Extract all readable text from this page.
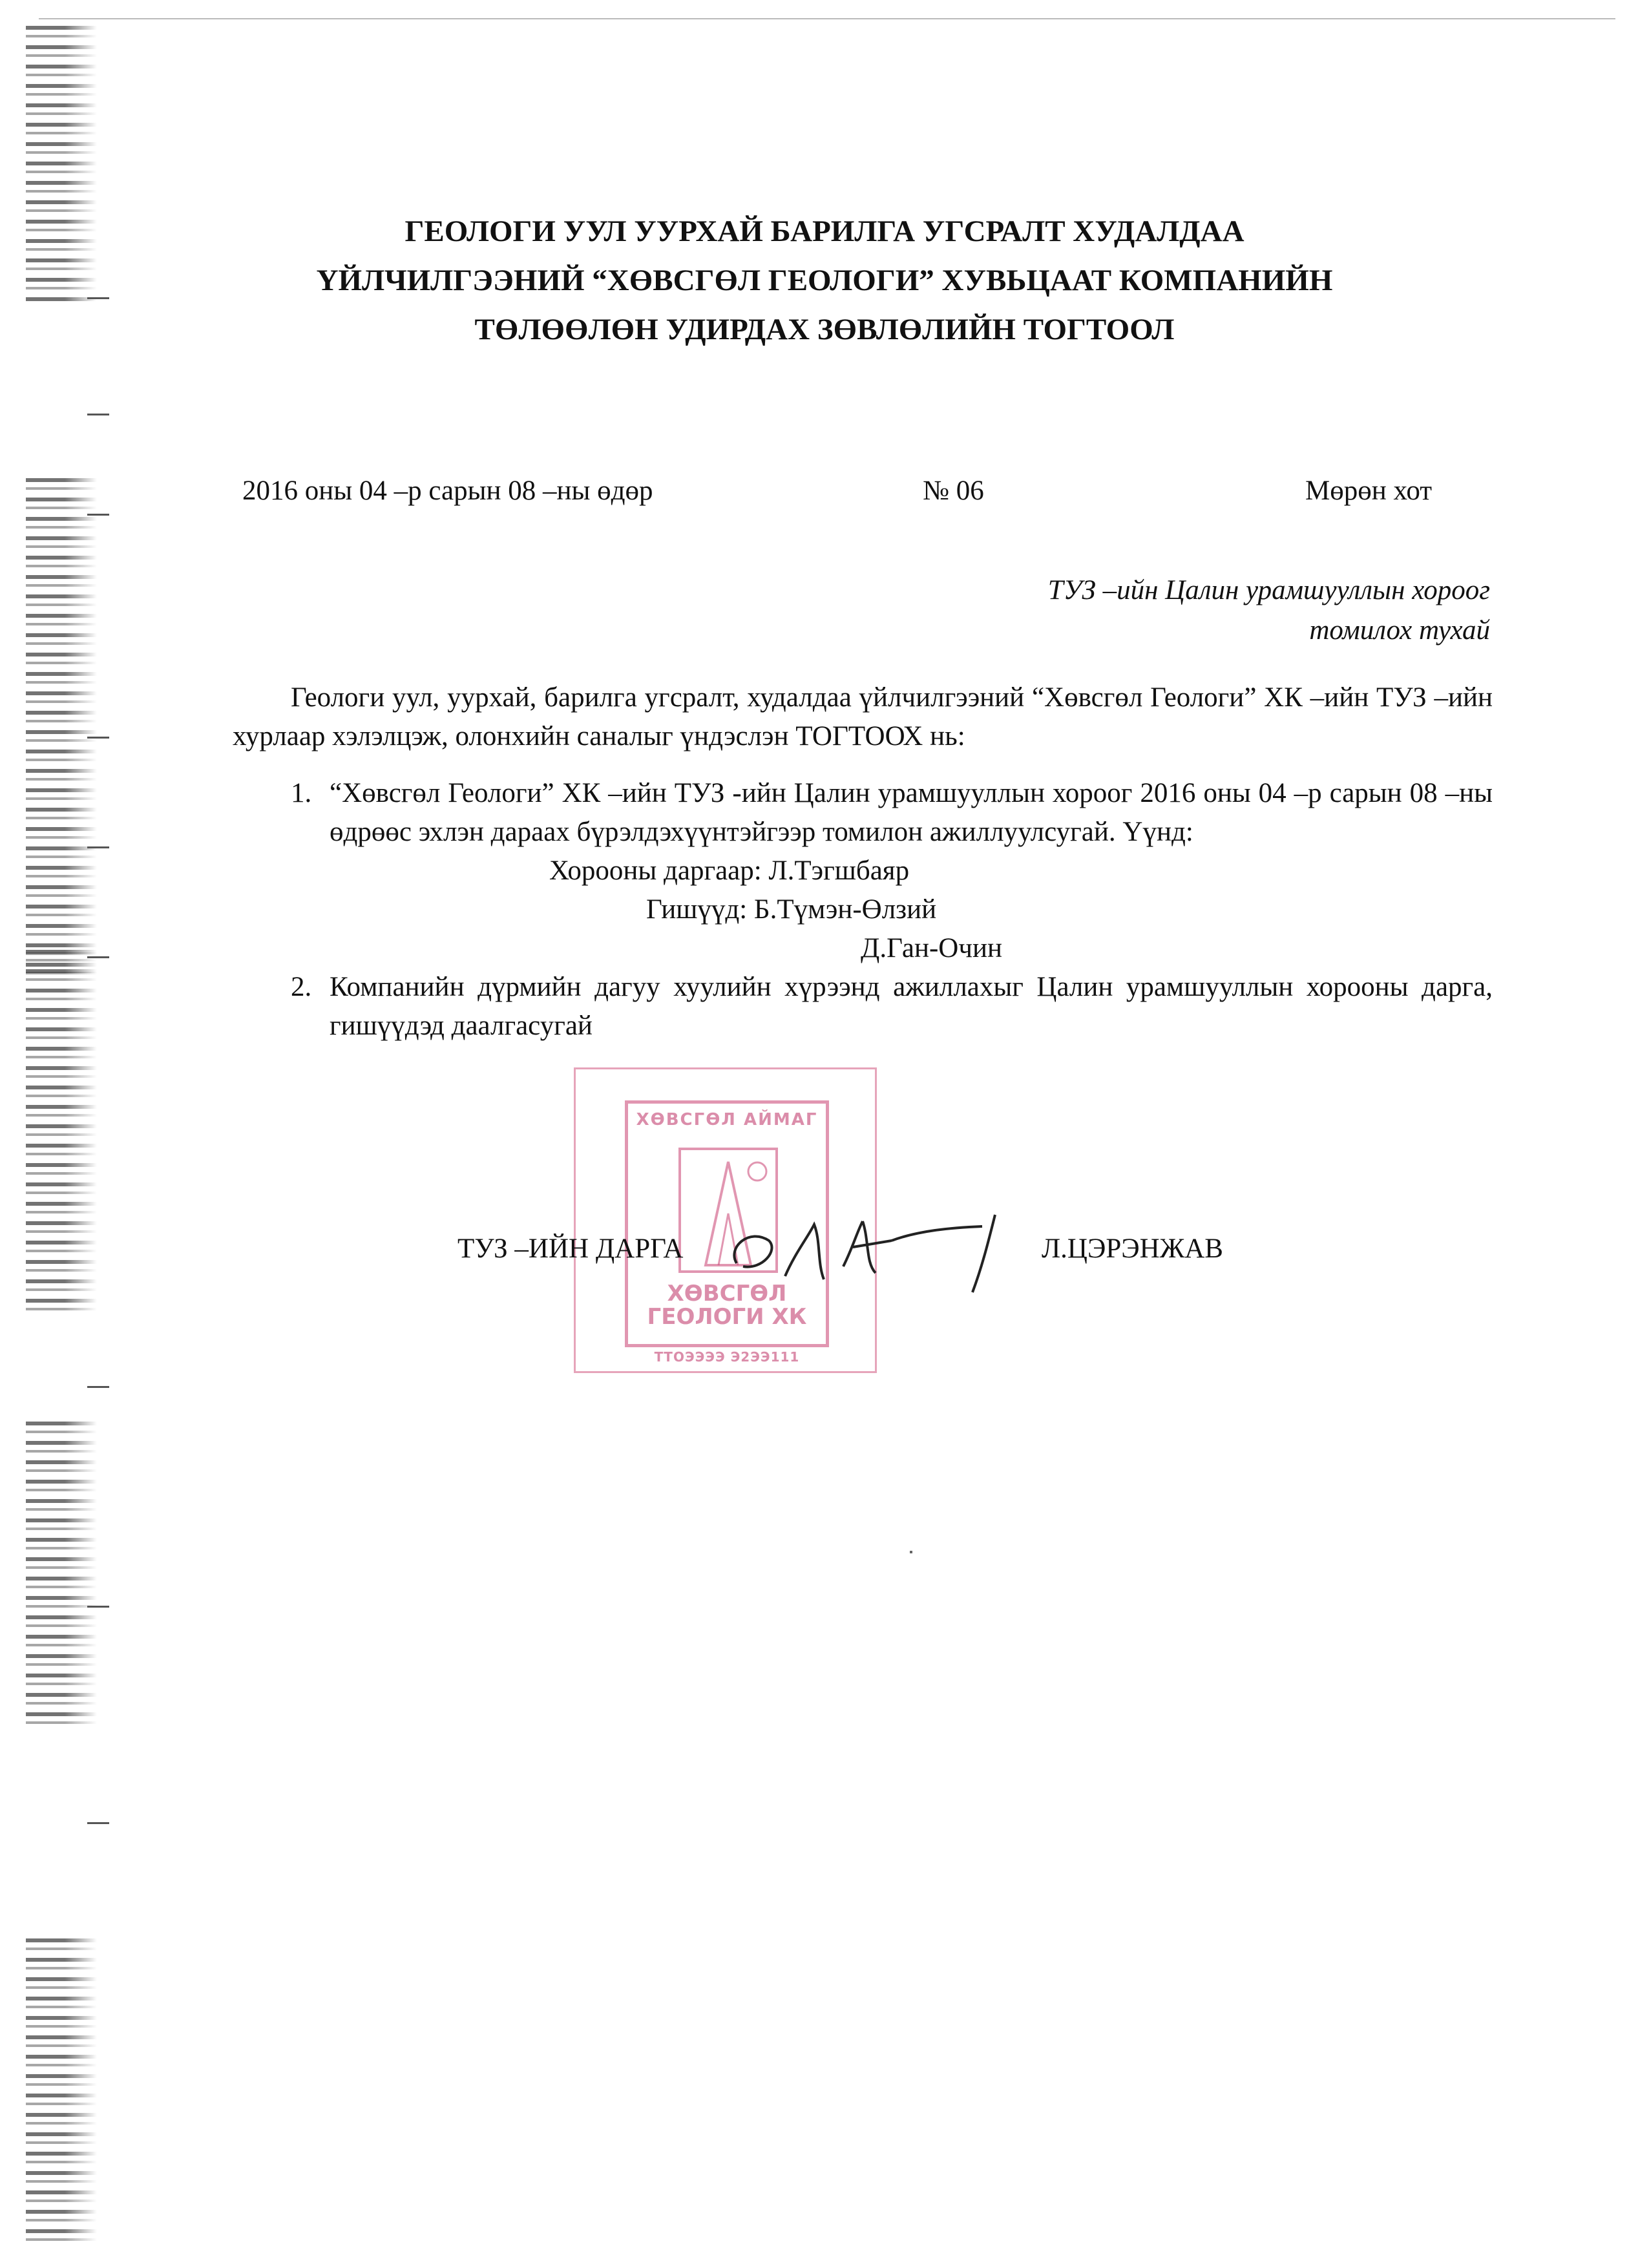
ГЕОЛОГИ УУЛ УУРХАЙ БАРИЛГА УГСРАЛТ ХУДАЛДАА
ҮЙЛЧИЛГЭЭНИЙ “ХӨВСГӨЛ ГЕОЛОГИ” ХУВЬЦААТ КОМПАНИЙН
ТӨЛӨӨЛӨН УДИРДАХ ЗӨВЛӨЛИЙН ТОГТООЛ
2016 оны 04 –р сарын 08 –ны өдөр	№ 06	Мөрөн хот
ТУЗ –ийн Цалин урамшууллын хороог
томилох тухай
Геологи уул, уурхай, барилга угсралт, худалдаа үйлчилгээний “Хөвсгөл Геологи” ХК –ийн ТУЗ –ийн хурлаар хэлэлцэж, олонхийн саналыг үндэслэн ТОГТООХ нь:
1. “Хөвсгөл Геологи” ХК –ийн ТУЗ -ийн Цалин урамшууллын хороог 2016 оны 04 –р сарын 08 –ны өдрөөс эхлэн дараах бүрэлдэхүүнтэйгээр томилон ажиллуулсугай. Үүнд:
Хорооны даргаар: Л.Тэгшбаяр
Гишүүд: Б.Түмэн-Өлзий
Д.Ган-Очин
2. Компанийн дүрмийн дагуу хуулийн хүрээнд ажиллахыг Цалин урамшууллын хорооны дарга, гишүүдэд даалгасугай
ХӨВСГӨЛ АЙМАГ
ХӨВСГӨЛ
ГЕОЛОГИ ХК
ТТОЭЭЭЭ Э2ЭЭ111
ТУЗ –ИЙН ДАРГА	Л.ЦЭРЭНЖАВ
